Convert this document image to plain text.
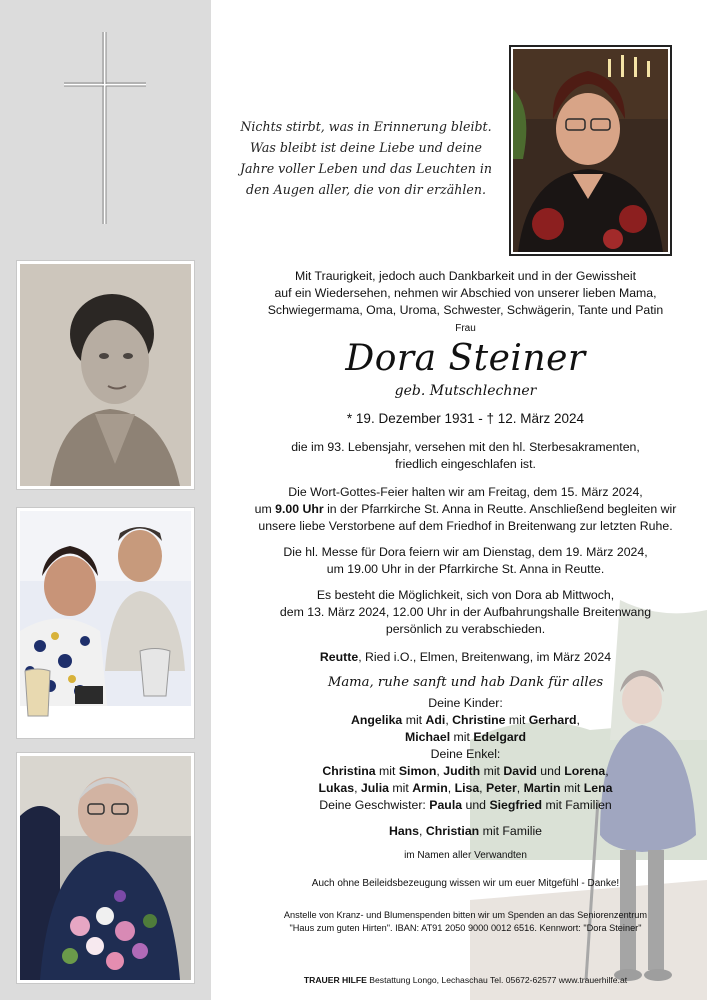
Nichts stirbt, was in Erinnerung bleibt.
Was bleibt ist deine Liebe und deine
Jahre voller Leben und das Leuchten in
den Augen aller, die von dir erzählen.
Mit Traurigkeit, jedoch auch Dankbarkeit und in der Gewissheit
auf ein Wiedersehen, nehmen wir Abschied von unserer lieben Mama,
Schwiegermama, Oma, Uroma, Schwester, Schwägerin, Tante und Patin
Frau
Dora Steiner
geb. Mutschlechner
* 19. Dezember 1931 - † 12. März 2024
die im 93. Lebensjahr, versehen mit den hl. Sterbesakramenten,
friedlich eingeschlafen ist.
Die Wort-Gottes-Feier halten wir am Freitag, dem 15. März 2024,
um 9.00 Uhr in der Pfarrkirche St. Anna in Reutte. Anschließend begleiten wir
unsere liebe Verstorbene auf dem Friedhof in Breitenwang zur letzten Ruhe.
Die hl. Messe für Dora feiern wir am Dienstag, dem 19. März 2024,
um 19.00 Uhr in der Pfarrkirche St. Anna in Reutte.
Es besteht die Möglichkeit, sich von Dora ab Mittwoch,
dem 13. März 2024, 12.00 Uhr in der Aufbahrungshalle Breitenwang
persönlich zu verabschieden.
Reutte, Ried i.O., Elmen, Breitenwang, im März 2024
Mama, ruhe sanft und hab Dank für alles
Deine Kinder:
Angelika mit Adi, Christine mit Gerhard,
Michael mit Edelgard
Deine Enkel:
Christina mit Simon, Judith mit David und Lorena,
Lukas, Julia mit Armin, Lisa, Peter, Martin mit Lena
Deine Geschwister: Paula und Siegfried mit Familien
Hans, Christian mit Familie
im Namen aller Verwandten
Auch ohne Beileidsbezeugung wissen wir um euer Mitgefühl - Danke!
Anstelle von Kranz- und Blumenspenden bitten wir um Spenden an das Seniorenzentrum
"Haus zum guten Hirten". IBAN: AT91 2050 9000 0012 6516. Kennwort: "Dora Steiner"
TRAUER HILFE Bestattung Longo, Lechaschau Tel. 05672-62577 www.trauerhilfe.at
